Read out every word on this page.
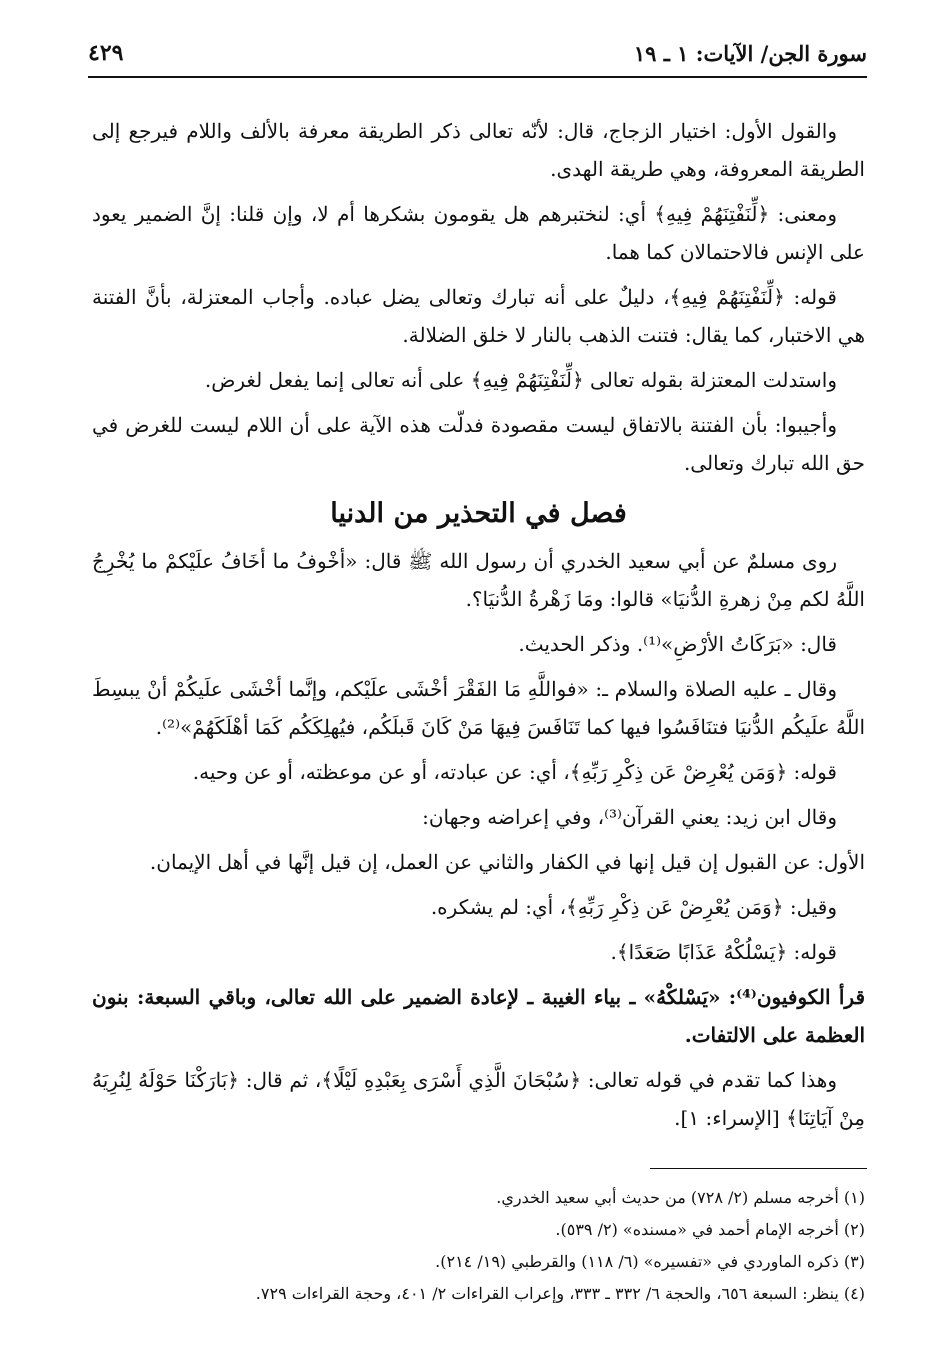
سورة الجن/ الآيات: ١ ـ ١٩
٤٢٩

والقول الأول: اختيار الزجاج، قال: لأنّه تعالى ذكر الطريقة معرفة بالألف واللام فيرجع إلى الطريقة المعروفة، وهي طريقة الهدى.

ومعنى: ﴿لِّنَفْتِنَهُمْ فِيهِ﴾ أي: لنختبرهم هل يقومون بشكرها أم لا، وإن قلنا: إنَّ الضمير يعود على الإنس فالاحتمالان كما هما.

قوله: ﴿لِّنَفْتِنَهُمْ فِيهِ﴾، دليلٌ على أنه تبارك وتعالى يضل عباده. وأجاب المعتزلة، بأنَّ الفتنة هي الاختبار، كما يقال: فتنت الذهب بالنار لا خلق الضلالة.

واستدلت المعتزلة بقوله تعالى ﴿لِّنَفْتِنَهُمْ فِيهِ﴾ على أنه تعالى إنما يفعل لغرض.

وأجيبوا: بأن الفتنة بالاتفاق ليست مقصودة فدلّت هذه الآية على أن اللام ليست للغرض في حق الله تبارك وتعالى.

فصل في التحذير من الدنيا

روى مسلمٌ عن أبي سعيد الخدري أن رسول الله ﷺ قال: «أخْوفُ ما أخَافُ علَيْكمْ ما يُخْرِجُ اللَّهُ لكم مِنْ زهرةِ الدُّنيَا» قالوا: ومَا زَهْرةُ الدُّنيَا؟.

قال: «بَرَكَاتُ الأرْضِ»⁽¹⁾. وذكر الحديث.

وقال ـ عليه الصلاة والسلام ـ: «فواللَّهِ مَا الفَقْرَ أخْشَى علَيْكم، وإنَّما أخْشَى علَيكُمْ أنْ يبسِطَ اللَّهُ علَيكُم الدُّنيَا فتنَافَسُوا فيها كما تَنَافَسَ فِيهَا مَنْ كَانَ قَبلَكُم، فيُهلِكَكُم كَمَا أهْلَكَهُمْ»⁽²⁾.

قوله: ﴿وَمَن يُعْرِضْ عَن ذِكْرِ رَبِّهِ﴾، أي: عن عبادته، أو عن موعظته، أو عن وحيه.

وقال ابن زيد: يعني القرآن⁽³⁾، وفي إعراضه وجهان:

الأول: عن القبول إن قيل إنها في الكفار والثاني عن العمل، إن قيل إنَّها في أهل الإيمان.

وقيل: ﴿وَمَن يُعْرِضْ عَن ذِكْرِ رَبِّهِ﴾، أي: لم يشكره.

قوله: ﴿يَسْلُكْهُ عَذَابًا صَعَدًا﴾.

قرأ الكوفيون⁽⁴⁾: «يَسْلكْهُ» ـ بياء الغيبة ـ لإعادة الضمير على الله تعالى، وباقي السبعة: بنون العظمة على الالتفات.

وهذا كما تقدم في قوله تعالى: ﴿سُبْحَانَ الَّذِي أَسْرَى بِعَبْدِهِ لَيْلًا﴾، ثم قال: ﴿بَارَكْنَا حَوْلَهُ لِنُرِيَهُ مِنْ آيَاتِنَا﴾ [الإسراء: ١].

(١) أخرجه مسلم (٢/ ٧٢٨) من حديث أبي سعيد الخدري.
(٢) أخرجه الإمام أحمد في «مسنده» (٢/ ٥٣٩).
(٣) ذكره الماوردي في «تفسيره» (٦/ ١١٨) والقرطبي (١٩/ ٢١٤).
(٤) ينظر: السبعة ٦٥٦، والحجة ٦/ ٣٣٢ ـ ٣٣٣، وإعراب القراءات ٢/ ٤٠١، وحجة القراءات ٧٢٩.
